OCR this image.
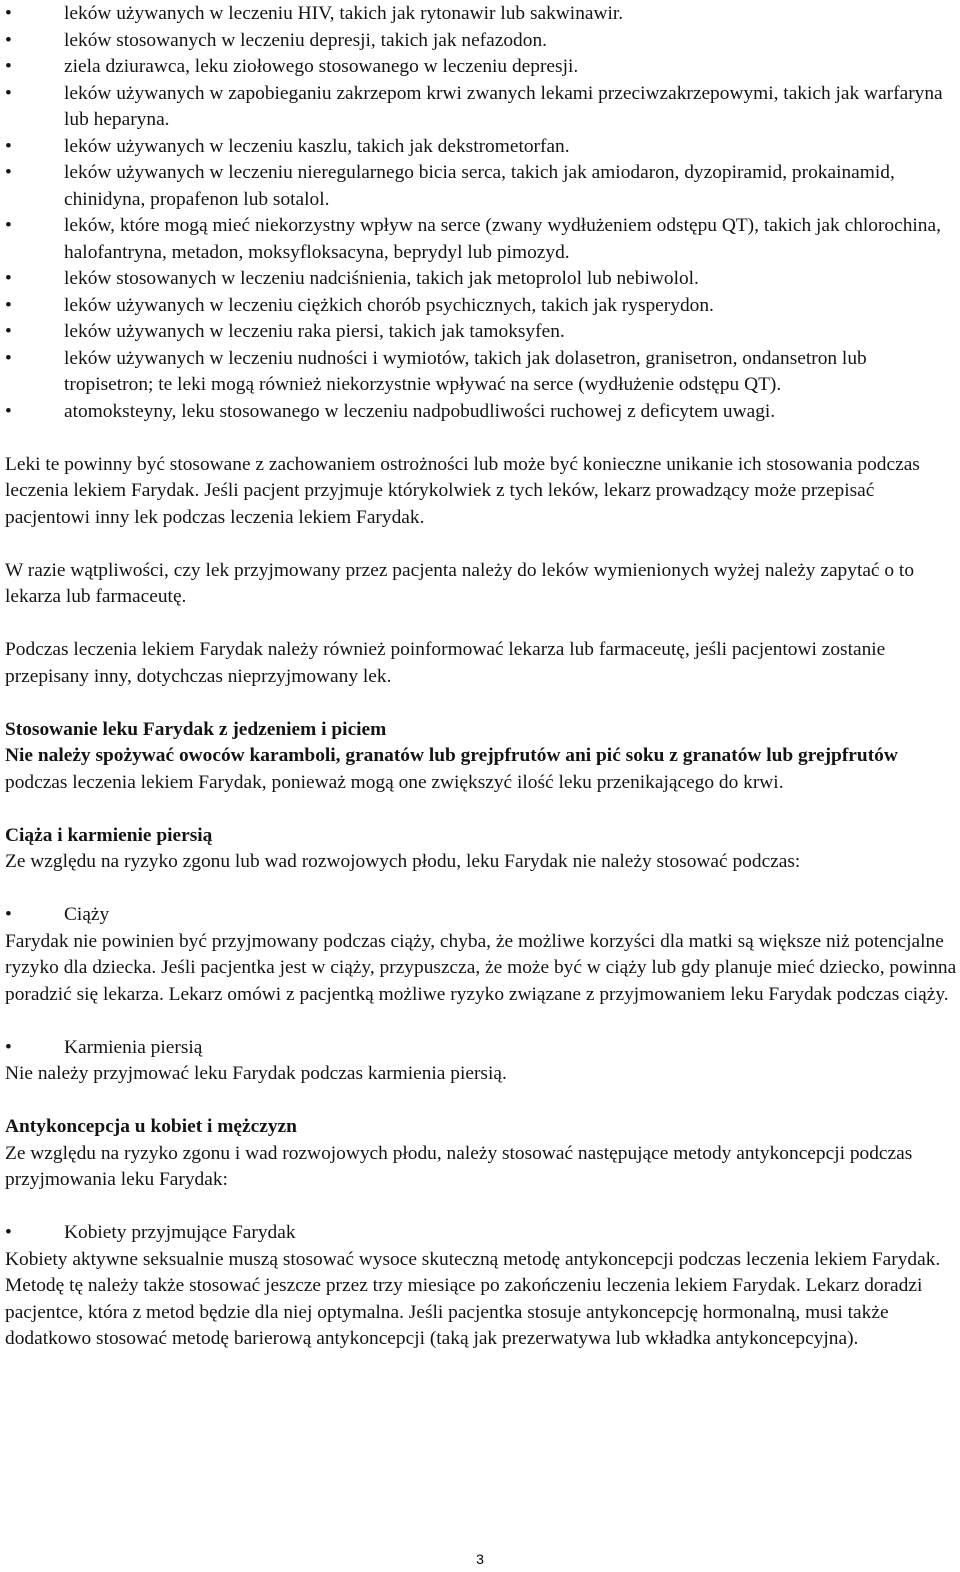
•	leków używanych w leczeniu HIV, takich jak rytonawir lub sakwinawir.
•	leków stosowanych w leczeniu depresji, takich jak nefazodon.
•	ziela dziurawca, leku ziołowego stosowanego w leczeniu depresji.
•	leków używanych w zapobieganiu zakrzepom krwi zwanych lekami przeciwzakrzepowymi, takich jak warfaryna lub heparyna.
•	leków używanych w leczeniu kaszlu, takich jak dekstrometorfan.
•	leków używanych w leczeniu nieregularnego bicia serca, takich jak amiodaron, dyzopiramid, prokainamid, chinidyna, propafenon lub sotalol.
•	leków, które mogą mieć niekorzystny wpływ na serce (zwany wydłużeniem odstępu QT), takich jak chlorochina, halofantryna, metadon, moksyfloksacyna, beprydyl lub pimozyd.
•	leków stosowanych w leczeniu nadciśnienia, takich jak metoprolol lub nebiwolol.
•	leków używanych w leczeniu ciężkich chorób psychicznych, takich jak rysperydon.
•	leków używanych w leczeniu raka piersi, takich jak tamoksyfen.
•	leków używanych w leczeniu nudności i wymiotów, takich jak dolasetron, granisetron, ondansetron lub tropisetron; te leki mogą również niekorzystnie wpływać na serce (wydłużenie odstępu QT).
•	atomoksteyny, leku stosowanego w leczeniu nadpobudliwości ruchowej z deficytem uwagi.

Leki te powinny być stosowane z zachowaniem ostrożności lub może być konieczne unikanie ich stosowania podczas leczenia lekiem Farydak. Jeśli pacjent przyjmuje którykolwiek z tych leków, lekarz prowadzący może przepisać pacjentowi inny lek podczas leczenia lekiem Farydak.

W razie wątpliwości, czy lek przyjmowany przez pacjenta należy do leków wymienionych wyżej należy zapytać o to lekarza lub farmaceutę.

Podczas leczenia lekiem Farydak należy również poinformować lekarza lub farmaceutę, jeśli pacjentowi zostanie przepisany inny, dotychczas nieprzyjmowany lek.

Stosowanie leku Farydak z jedzeniem i piciem

Nie należy spożywać owoców karamboli, granatów lub grejpfrutów ani pić soku z granatów lub grejpfrutów podczas leczenia lekiem Farydak, ponieważ mogą one zwiększyć ilość leku przenikającego do krwi.

Ciąża i karmienie piersią

Ze względu na ryzyko zgonu lub wad rozwojowych płodu, leku Farydak nie należy stosować podczas:

•	Ciąży

Farydak nie powinien być przyjmowany podczas ciąży, chyba, że możliwe korzyści dla matki są większe niż potencjalne ryzyko dla dziecka. Jeśli pacjentka jest w ciąży, przypuszcza, że może być w ciąży lub gdy planuje mieć dziecko, powinna poradzić się lekarza. Lekarz omówi z pacjentką możliwe ryzyko związane z przyjmowaniem leku Farydak podczas ciąży.

•	Karmienia piersią

Nie należy przyjmować leku Farydak podczas karmienia piersią.

Antykoncepcja u kobiet i mężczyzn

Ze względu na ryzyko zgonu i wad rozwojowych płodu, należy stosować następujące metody antykoncepcji podczas przyjmowania leku Farydak:

•	Kobiety przyjmujące Farydak

Kobiety aktywne seksualnie muszą stosować wysoce skuteczną metodę antykoncepcji podczas leczenia lekiem Farydak. Metodę tę należy także stosować jeszcze przez trzy miesiące po zakończeniu leczenia lekiem Farydak. Lekarz doradzi pacjentce, która z metod będzie dla niej optymalna. Jeśli pacjentka stosuje antykoncepcję hormonalną, musi także dodatkowo stosować metodę barierową antykoncepcji (taką jak prezerwatywa lub wkładka antykoncepcyjna).

3
